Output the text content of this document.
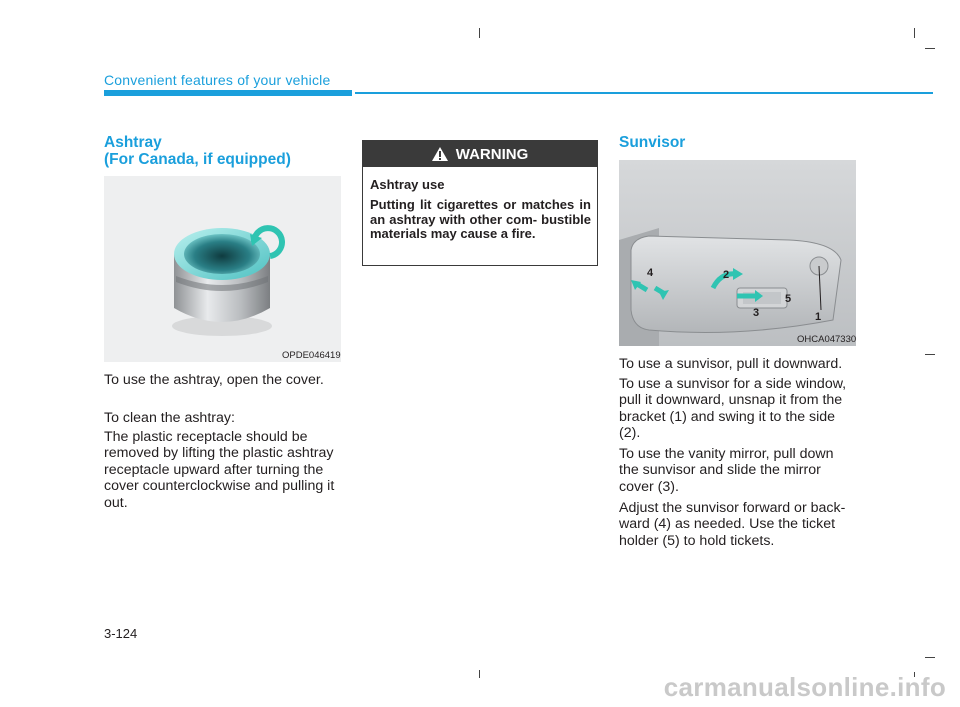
Convenient features of your vehicle
Ashtray
(For Canada, if equipped)
OPDE046419
To use the ashtray, open the cover.
To clean the ashtray:
The plastic receptacle should be
removed by lifting the plastic ashtray
receptacle upward after turning the
cover counterclockwise and pulling it
out.
WARNING
Ashtray use
Putting lit cigarettes or matches in an ashtray with other com- bustible materials may cause a fire.
Sunvisor
1
2
3
4
5
OHCA047330
To use a sunvisor, pull it downward.
To use a sunvisor for a side window,
pull it downward, unsnap it from the
bracket (1) and swing it to the side
(2).
To use the vanity mirror, pull down
the sunvisor and slide the mirror
cover (3).
Adjust the sunvisor forward or back-
ward (4) as needed. Use the ticket
holder (5) to hold tickets.
3-124
carmanualsonline.info
